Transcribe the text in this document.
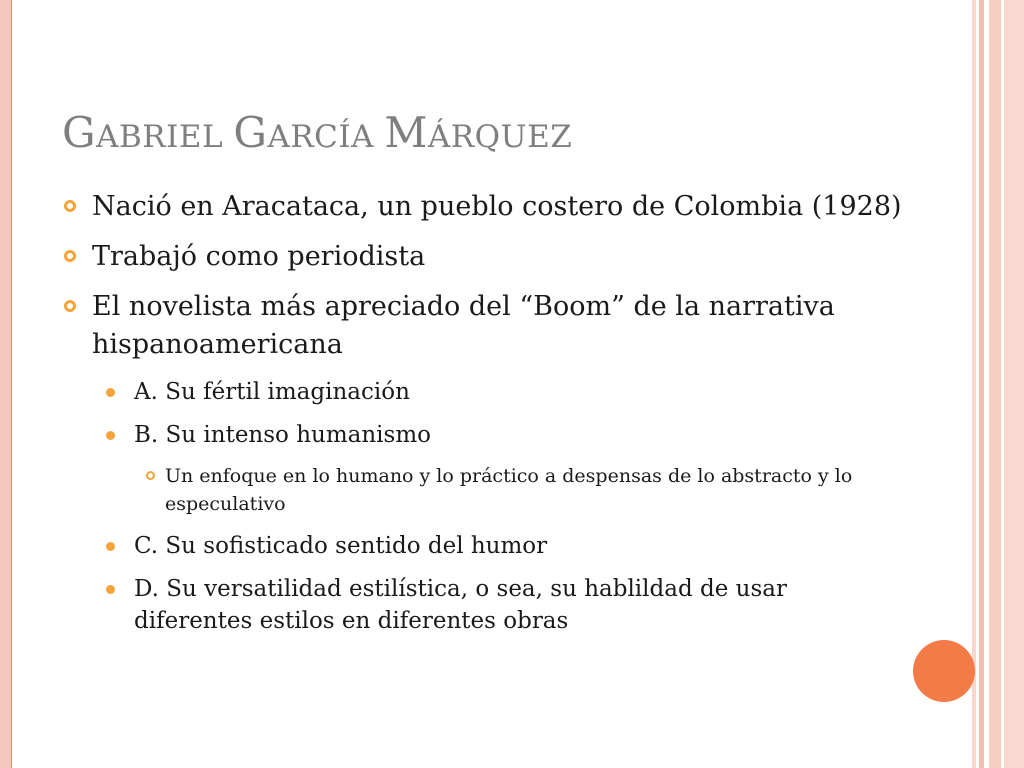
GABRIEL GARCÍA MÁRQUEZ
Nació en Aracataca, un pueblo costero de Colombia (1928)
Trabajó como periodista
El novelista más apreciado del “Boom” de la narrativa hispanoamericana
A. Su fértil imaginación
B. Su intenso humanismo
Un enfoque en lo humano y lo práctico a despensas de lo abstracto y lo especulativo
C. Su sofisticado sentido del humor
D. Su versatilidad estilística, o sea, su hablildad de usar diferentes estilos en diferentes obras
